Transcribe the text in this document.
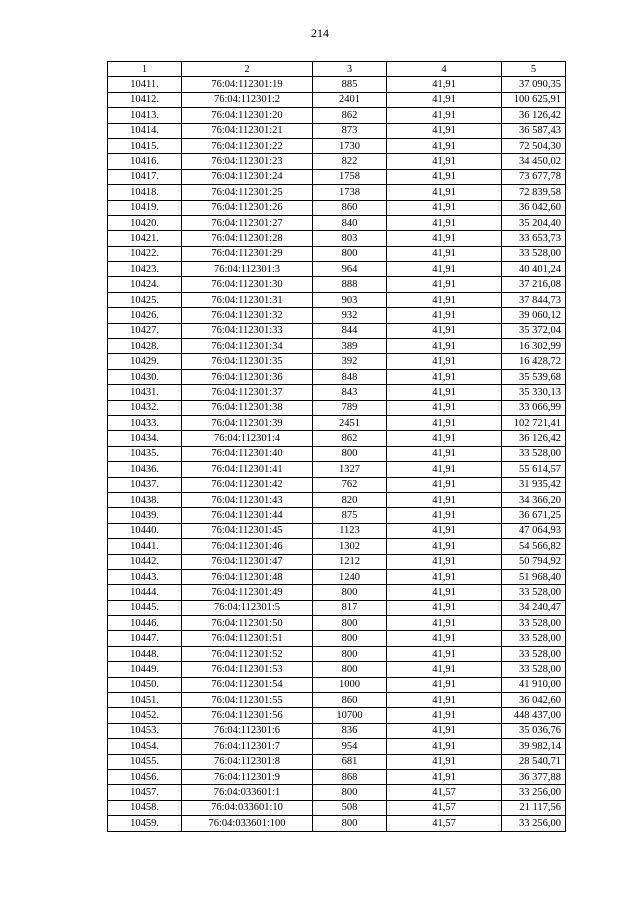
214
1	2	3	4	5
10411.	76:04:112301:19	885	41,91	37 090,35
10412.	76:04:112301:2	2401	41,91	100 625,91
10413.	76:04:112301:20	862	41,91	36 126,42
10414.	76:04:112301:21	873	41,91	36 587,43
10415.	76:04:112301:22	1730	41,91	72 504,30
10416.	76:04:112301:23	822	41,91	34 450,02
10417.	76:04:112301:24	1758	41,91	73 677,78
10418.	76:04:112301:25	1738	41,91	72 839,58
10419.	76:04:112301:26	860	41,91	36 042,60
10420.	76:04:112301:27	840	41,91	35 204,40
10421.	76:04:112301:28	803	41,91	33 653,73
10422.	76:04:112301:29	800	41,91	33 528,00
10423.	76:04:112301:3	964	41,91	40 401,24
10424.	76:04:112301:30	888	41,91	37 216,08
10425.	76:04:112301:31	903	41,91	37 844,73
10426.	76:04:112301:32	932	41,91	39 060,12
10427.	76:04:112301:33	844	41,91	35 372,04
10428.	76:04:112301:34	389	41,91	16 302,99
10429.	76:04:112301:35	392	41,91	16 428,72
10430.	76:04:112301:36	848	41,91	35 539,68
10431.	76:04:112301:37	843	41,91	35 330,13
10432.	76:04:112301:38	789	41,91	33 066,99
10433.	76:04:112301:39	2451	41,91	102 721,41
10434.	76:04:112301:4	862	41,91	36 126,42
10435.	76:04:112301:40	800	41,91	33 528,00
10436.	76:04:112301:41	1327	41,91	55 614,57
10437.	76:04:112301:42	762	41,91	31 935,42
10438.	76:04:112301:43	820	41,91	34 366,20
10439.	76:04:112301:44	875	41,91	36 671,25
10440.	76:04:112301:45	1123	41,91	47 064,93
10441.	76:04:112301:46	1302	41,91	54 566,82
10442.	76:04:112301:47	1212	41,91	50 794,92
10443.	76:04:112301:48	1240	41,91	51 968,40
10444.	76:04:112301:49	800	41,91	33 528,00
10445.	76:04:112301:5	817	41,91	34 240,47
10446.	76:04:112301:50	800	41,91	33 528,00
10447.	76:04:112301:51	800	41,91	33 528,00
10448.	76:04:112301:52	800	41,91	33 528,00
10449.	76:04:112301:53	800	41,91	33 528,00
10450.	76:04:112301:54	1000	41,91	41 910,00
10451.	76:04:112301:55	860	41,91	36 042,60
10452.	76:04:112301:56	10700	41,91	448 437,00
10453.	76:04:112301:6	836	41,91	35 036,76
10454.	76:04:112301:7	954	41,91	39 982,14
10455.	76:04:112301:8	681	41,91	28 540,71
10456.	76:04:112301:9	868	41,91	36 377,88
10457.	76:04:033601:1	800	41,57	33 256,00
10458.	76:04:033601:10	508	41,57	21 117,56
10459.	76:04:033601:100	800	41,57	33 256,00
